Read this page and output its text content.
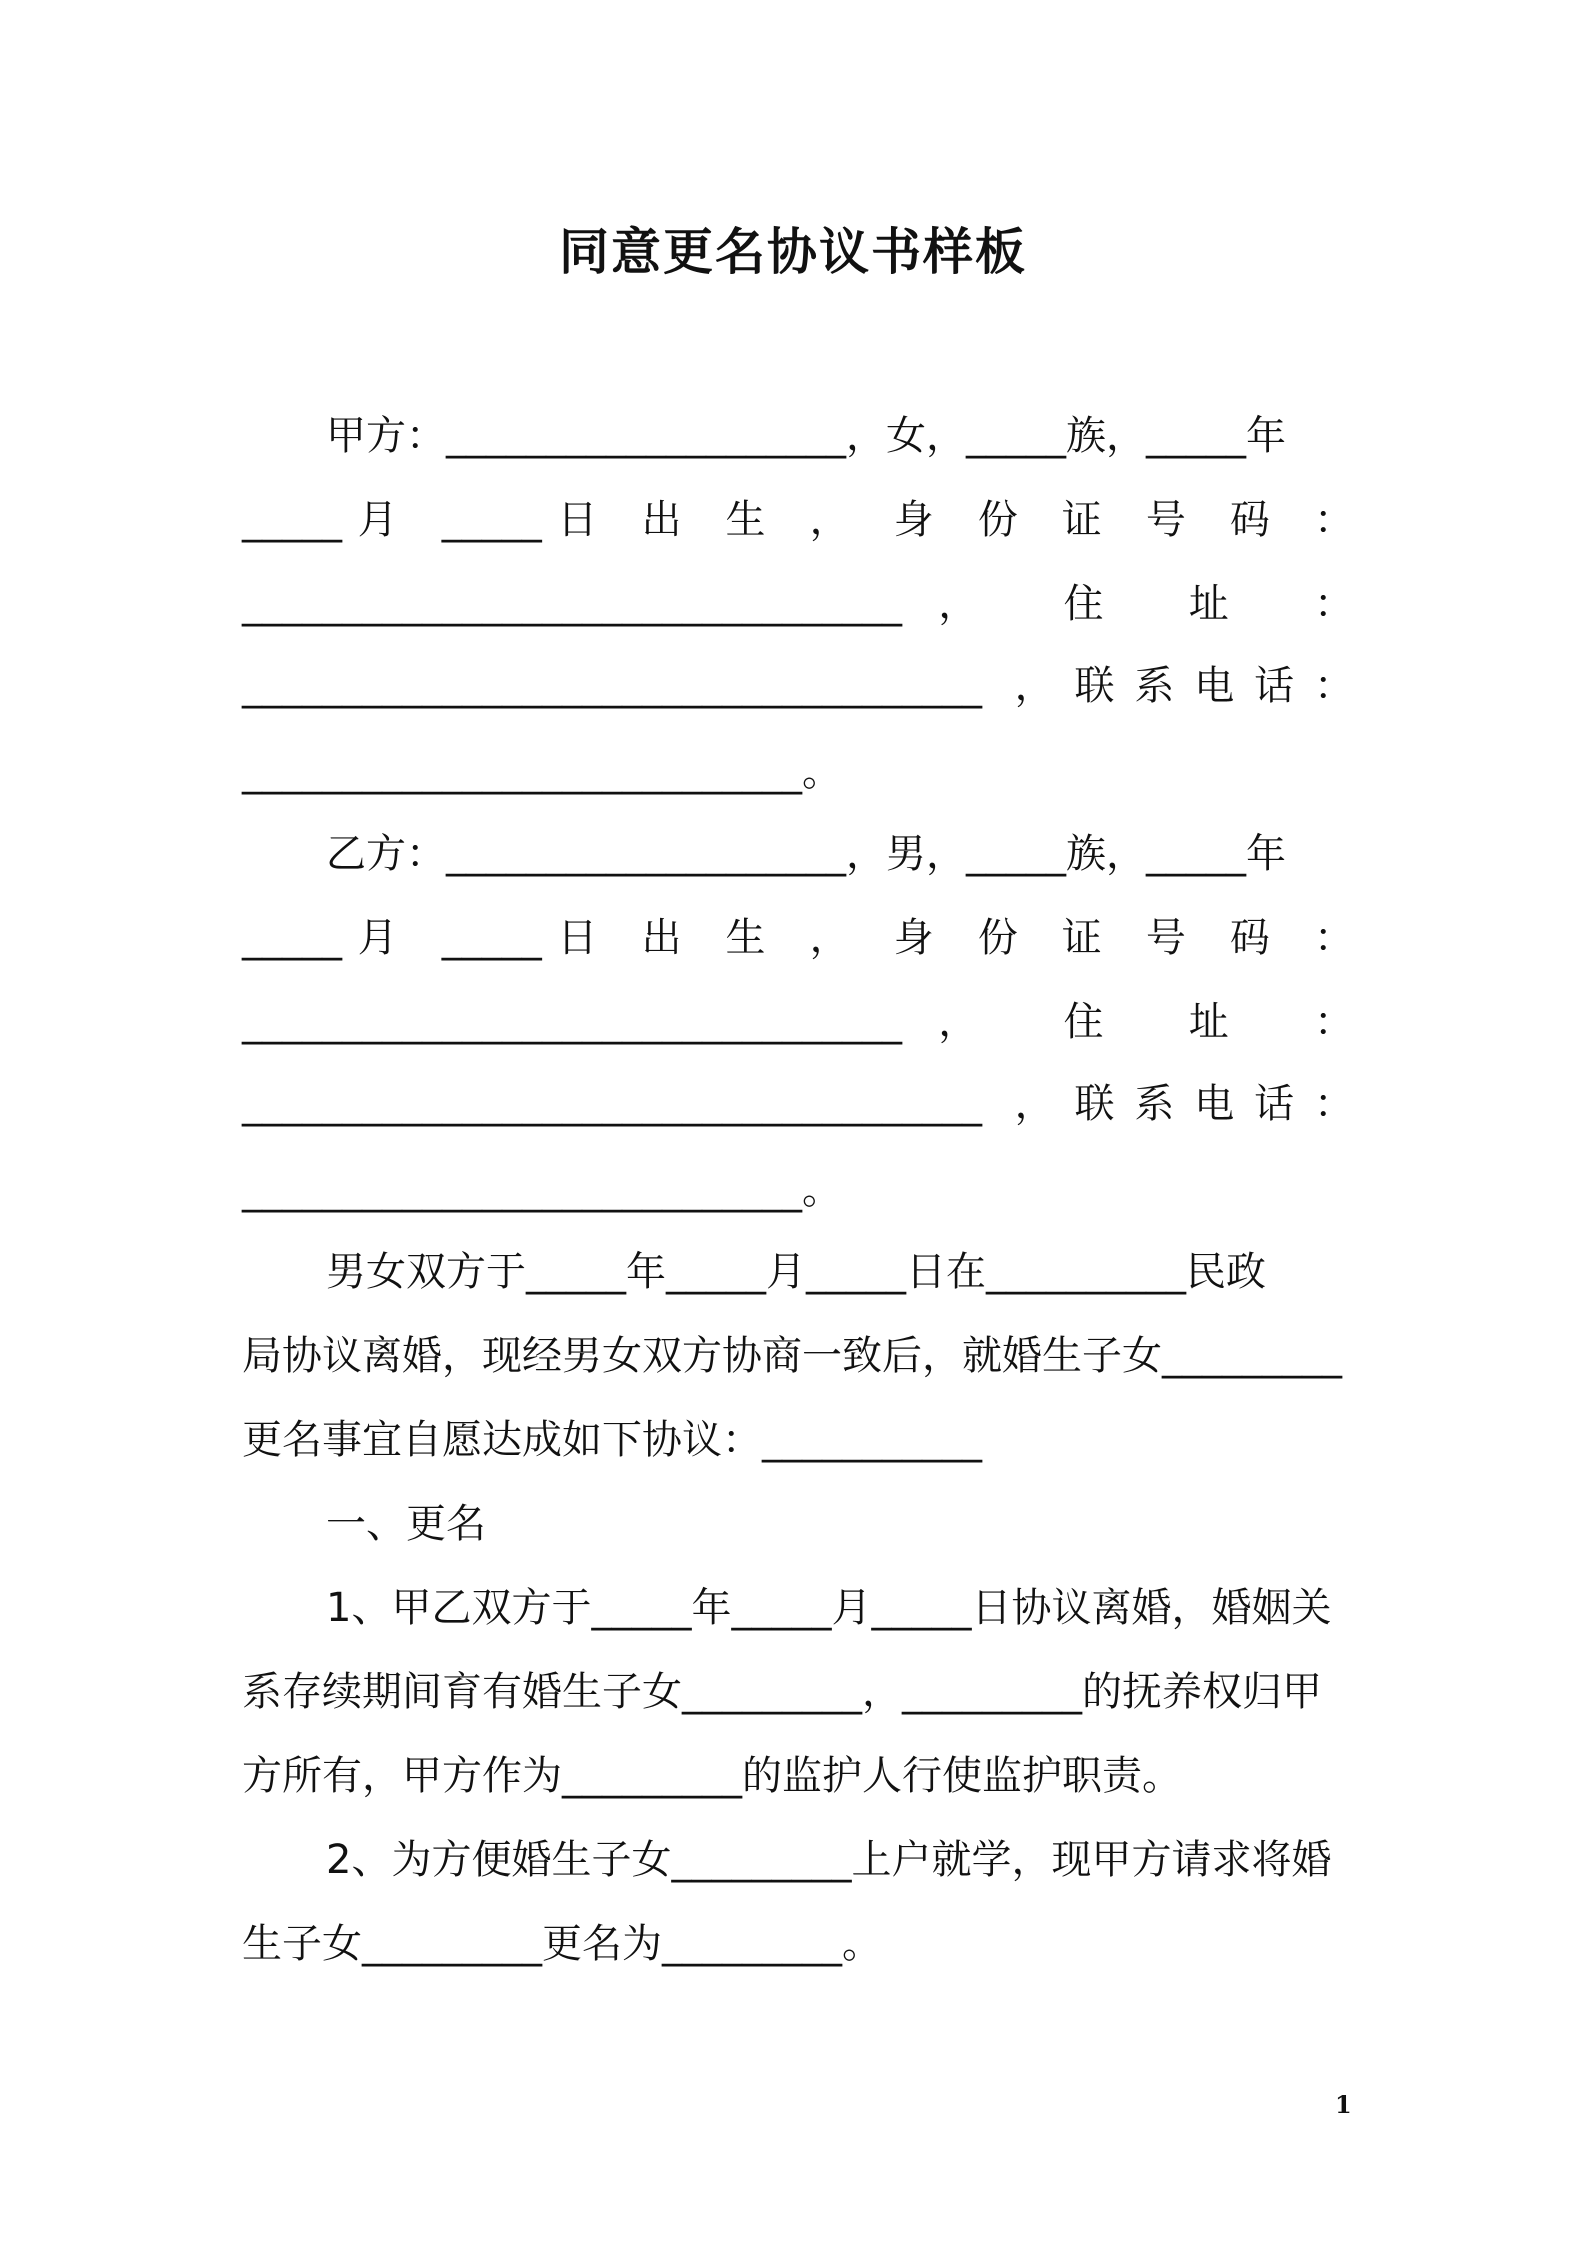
同意更名协议书样板
甲方：____________________，女，_____族，_____年
_____月 _____日 出 生 ， 身 份 证 号 码 ：
_________________________________， 住 址 ：
_____________________________________ ，联系电话：
____________________________。
乙方：____________________，男，_____族，_____年
_____月 _____日 出 生 ， 身 份 证 号 码 ：
_________________________________， 住 址 ：
_____________________________________ ，联系电话：
____________________________。
男女双方于_____年_____月_____日在__________民政
局协议离婚，现经男女双方协商一致后，就婚生子女_________
更名事宜自愿达成如下协议：___________
一、更名
1、甲乙双方于_____年_____月_____日协议离婚，婚姻关
系存续期间育有婚生子女_________，_________的抚养权归甲
方所有，甲方作为_________的监护人行使监护职责。
2、为方便婚生子女_________上户就学，现甲方请求将婚
生子女_________更名为_________。
1
